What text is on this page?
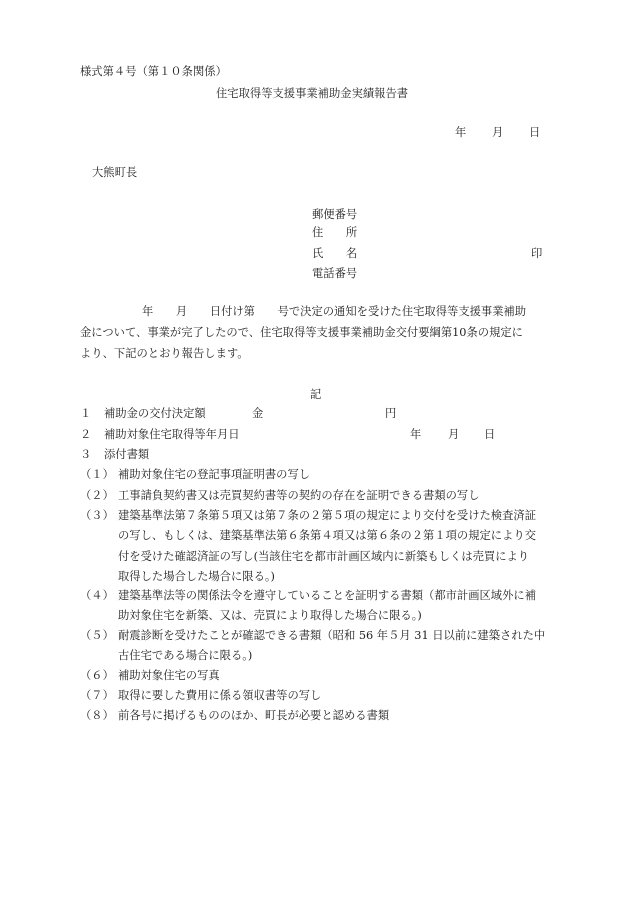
様式第４号（第１０条関係）
住宅取得等支援事業補助金実績報告書
年 月 日
大熊町長
郵便番号
住　　所
氏　　名	印
電話番号
年　　月　　日付け第　　号で決定の通知を受けた住宅取得等支援事業補助
金について、事業が完了したので、住宅取得等支援事業補助金交付要綱第10条の規定に
より、下記のとおり報告します。
記
１ 補助金の交付決定額	金	円
２ 補助対象住宅取得等年月日	年 月 日
３ 添付書類
（１） 補助対象住宅の登記事項証明書の写し
（２） 工事請負契約書又は売買契約書等の契約の存在を証明できる書類の写し
（３） 建築基準法第７条第５項又は第７条の２第５項の規定により交付を受けた検査済証
の写し、もしくは、建築基準法第６条第４項又は第６条の２第１項の規定により交
付を受けた確認済証の写し(当該住宅を都市計画区域内に新築もしくは売買により
取得した場合した場合に限る。)
（４） 建築基準法等の関係法令を遵守していることを証明する書類（都市計画区域外に補
助対象住宅を新築、又は、売買により取得した場合に限る。)
（５） 耐震診断を受けたことが確認できる書類（昭和 56 年５月 31 日以前に建築された中
古住宅である場合に限る。)
（６） 補助対象住宅の写真
（７） 取得に要した費用に係る領収書等の写し
（８） 前各号に掲げるもののほか、町長が必要と認める書類
